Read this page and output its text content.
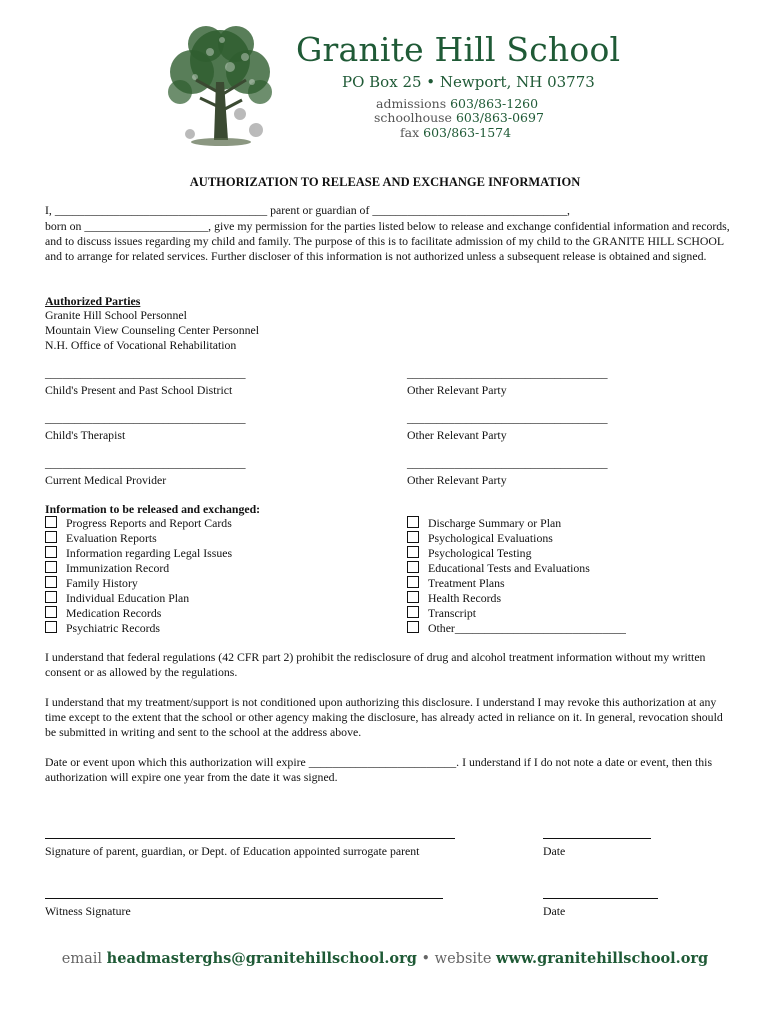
Granite Hill School
PO Box 25 • Newport, NH 03773
admissions 603/863-1260
schoolhouse 603/863-0697
fax 603/863-1574
AUTHORIZATION TO RELEASE AND EXCHANGE INFORMATION
I, ____________________________________ parent or guardian of _________________________________,
born on _____________________, give my permission for the parties listed below to release and exchange confidential information and records, and to discuss issues regarding my child and family. The purpose of this is to facilitate admission of my child to the GRANITE HILL SCHOOL and to arrange for related services. Further discloser of this information is not authorized unless a subsequent release is obtained and signed.
Authorized Parties
Granite Hill School Personnel
Mountain View Counseling Center Personnel
N.H. Office of Vocational Rehabilitation
__________________________________
Child's Present and Past School District
__________________________________
Other Relevant Party
__________________________________
Child's Therapist
__________________________________
Other Relevant Party
__________________________________
Current Medical Provider
__________________________________
Other Relevant Party
Information to be released and exchanged:
Progress Reports and Report Cards
Evaluation Reports
Information regarding Legal Issues
Immunization Record
Family History
Individual Education Plan
Medication Records
Psychiatric Records
Discharge Summary or Plan
Psychological Evaluations
Psychological Testing
Educational Tests and Evaluations
Treatment Plans
Health Records
Transcript
Other_____________________________
I understand that federal regulations (42 CFR part 2) prohibit the redisclosure of drug and alcohol treatment information without my written consent or as allowed by the regulations.
I understand that my treatment/support is not conditioned upon authorizing this disclosure. I understand I may revoke this authorization at any time except to the extent that the school or other agency making the disclosure, has already acted in reliance on it. In general, revocation should be submitted in writing and sent to the school at the address above.
Date or event upon which this authorization will expire _________________________. I understand if I do not note a date or event, then this authorization will expire one year from the date it was signed.
Signature of parent, guardian, or Dept. of Education appointed surrogate parent	Date
Witness Signature	Date
email headmasterghs@granitehillschool.org • website www.granitehillschool.org
